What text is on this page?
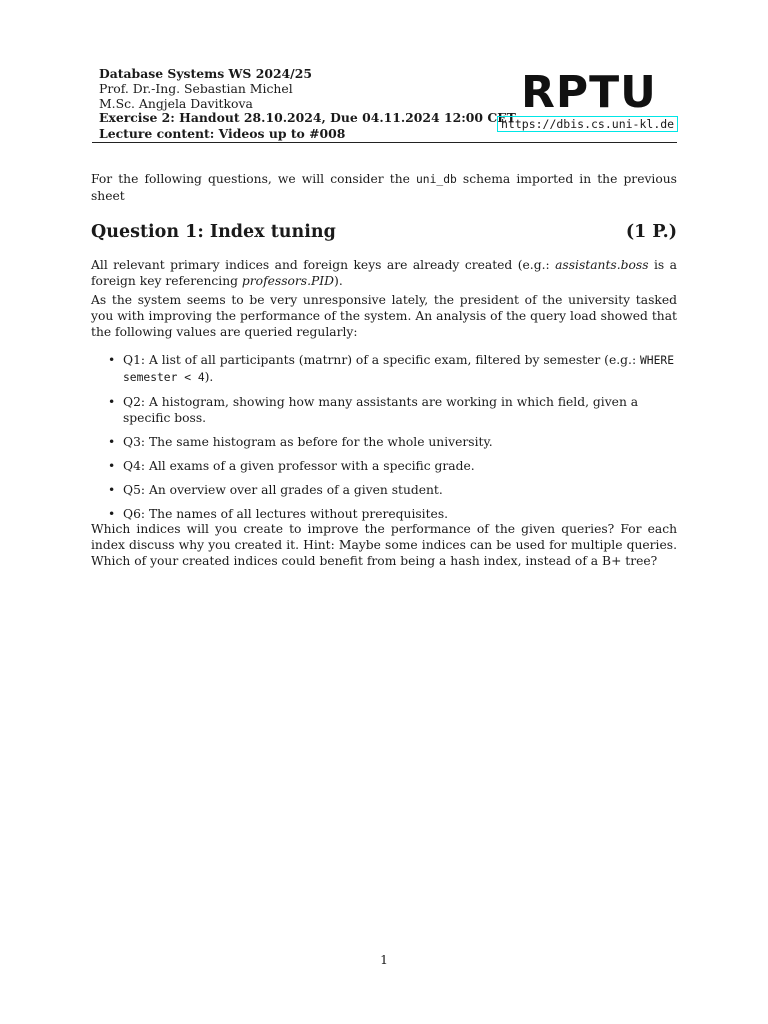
Database Systems WS 2024/25
Prof. Dr.-Ing. Sebastian Michel
M.Sc. Angjela Davitkova
Exercise 2: Handout 28.10.2024, Due 04.11.2024 12:00 CET
Lecture content: Videos up to #008
RPTU
https://dbis.cs.uni-kl.de
For the following questions, we will consider the uni_db schema imported in the previous sheet
Question 1: Index tuning	(1 P.)
All relevant primary indices and foreign keys are already created (e.g.: assistants.boss is a foreign key referencing professors.PID).
As the system seems to be very unresponsive lately, the president of the university tasked you with improving the performance of the system. An analysis of the query load showed that the following values are queried regularly:
• Q1: A list of all participants (matrnr) of a specific exam, filtered by semester (e.g.: WHERE semester < 4).
• Q2: A histogram, showing how many assistants are working in which field, given a specific boss.
• Q3: The same histogram as before for the whole university.
• Q4: All exams of a given professor with a specific grade.
• Q5: An overview over all grades of a given student.
• Q6: The names of all lectures without prerequisites.
Which indices will you create to improve the performance of the given queries? For each index discuss why you created it. Hint: Maybe some indices can be used for multiple queries. Which of your created indices could benefit from being a hash index, instead of a B+ tree?
1
